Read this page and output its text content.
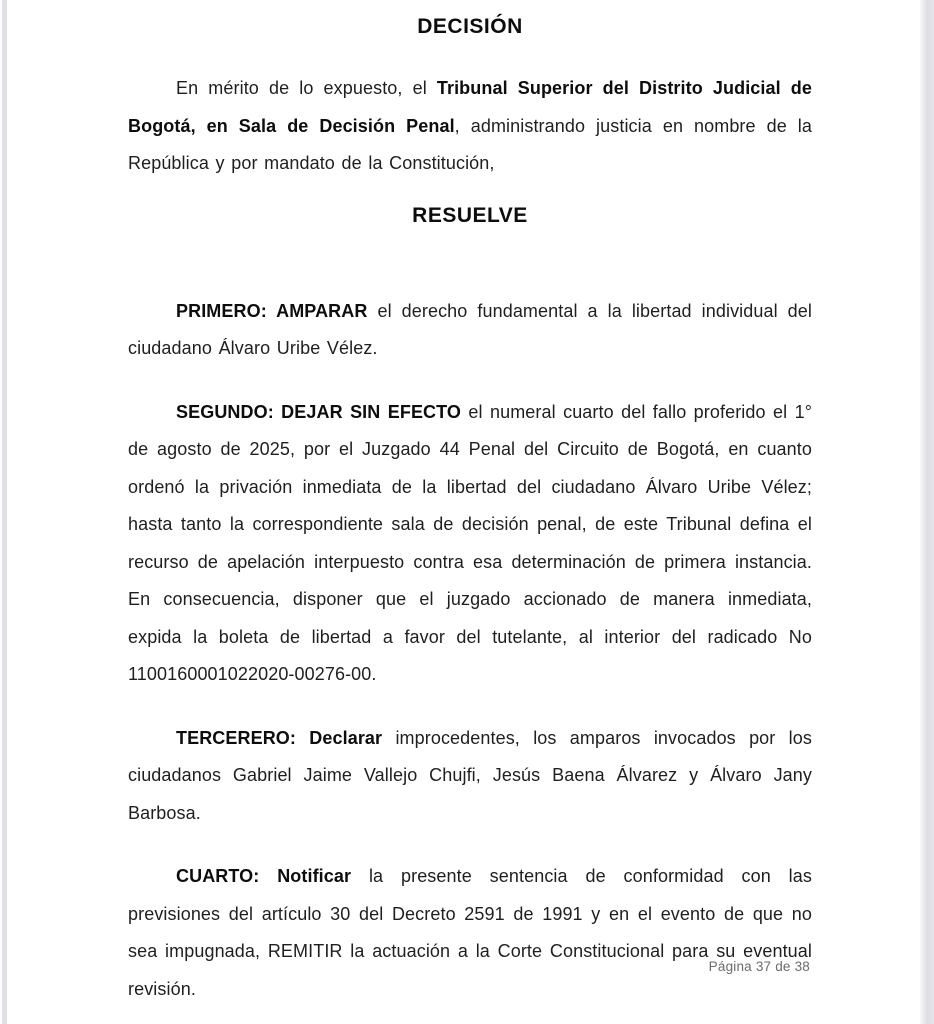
DECISIÓN

En mérito de lo expuesto, el Tribunal Superior del Distrito Judicial de Bogotá, en Sala de Decisión Penal, administrando justicia en nombre de la República y por mandato de la Constitución,

RESUELVE

PRIMERO: AMPARAR el derecho fundamental a la libertad individual del ciudadano Álvaro Uribe Vélez.

SEGUNDO: DEJAR SIN EFECTO el numeral cuarto del fallo proferido el 1° de agosto de 2025, por el Juzgado 44 Penal del Circuito de Bogotá, en cuanto ordenó la privación inmediata de la libertad del ciudadano Álvaro Uribe Vélez; hasta tanto la correspondiente sala de decisión penal, de este Tribunal defina el recurso de apelación interpuesto contra esa determinación de primera instancia. En consecuencia, disponer que el juzgado accionado de manera inmediata, expida la boleta de libertad a favor del tutelante, al interior del radicado No 1100160001022020-00276-00.

TERCERERO: Declarar improcedentes, los amparos invocados por los ciudadanos Gabriel Jaime Vallejo Chujfi, Jesús Baena Álvarez y Álvaro Jany Barbosa.

CUARTO: Notificar la presente sentencia de conformidad con las previsiones del artículo 30 del Decreto 2591 de 1991 y en el evento de que no sea impugnada, REMITIR la actuación a la Corte Constitucional para su eventual revisión.

Página 37 de 38
